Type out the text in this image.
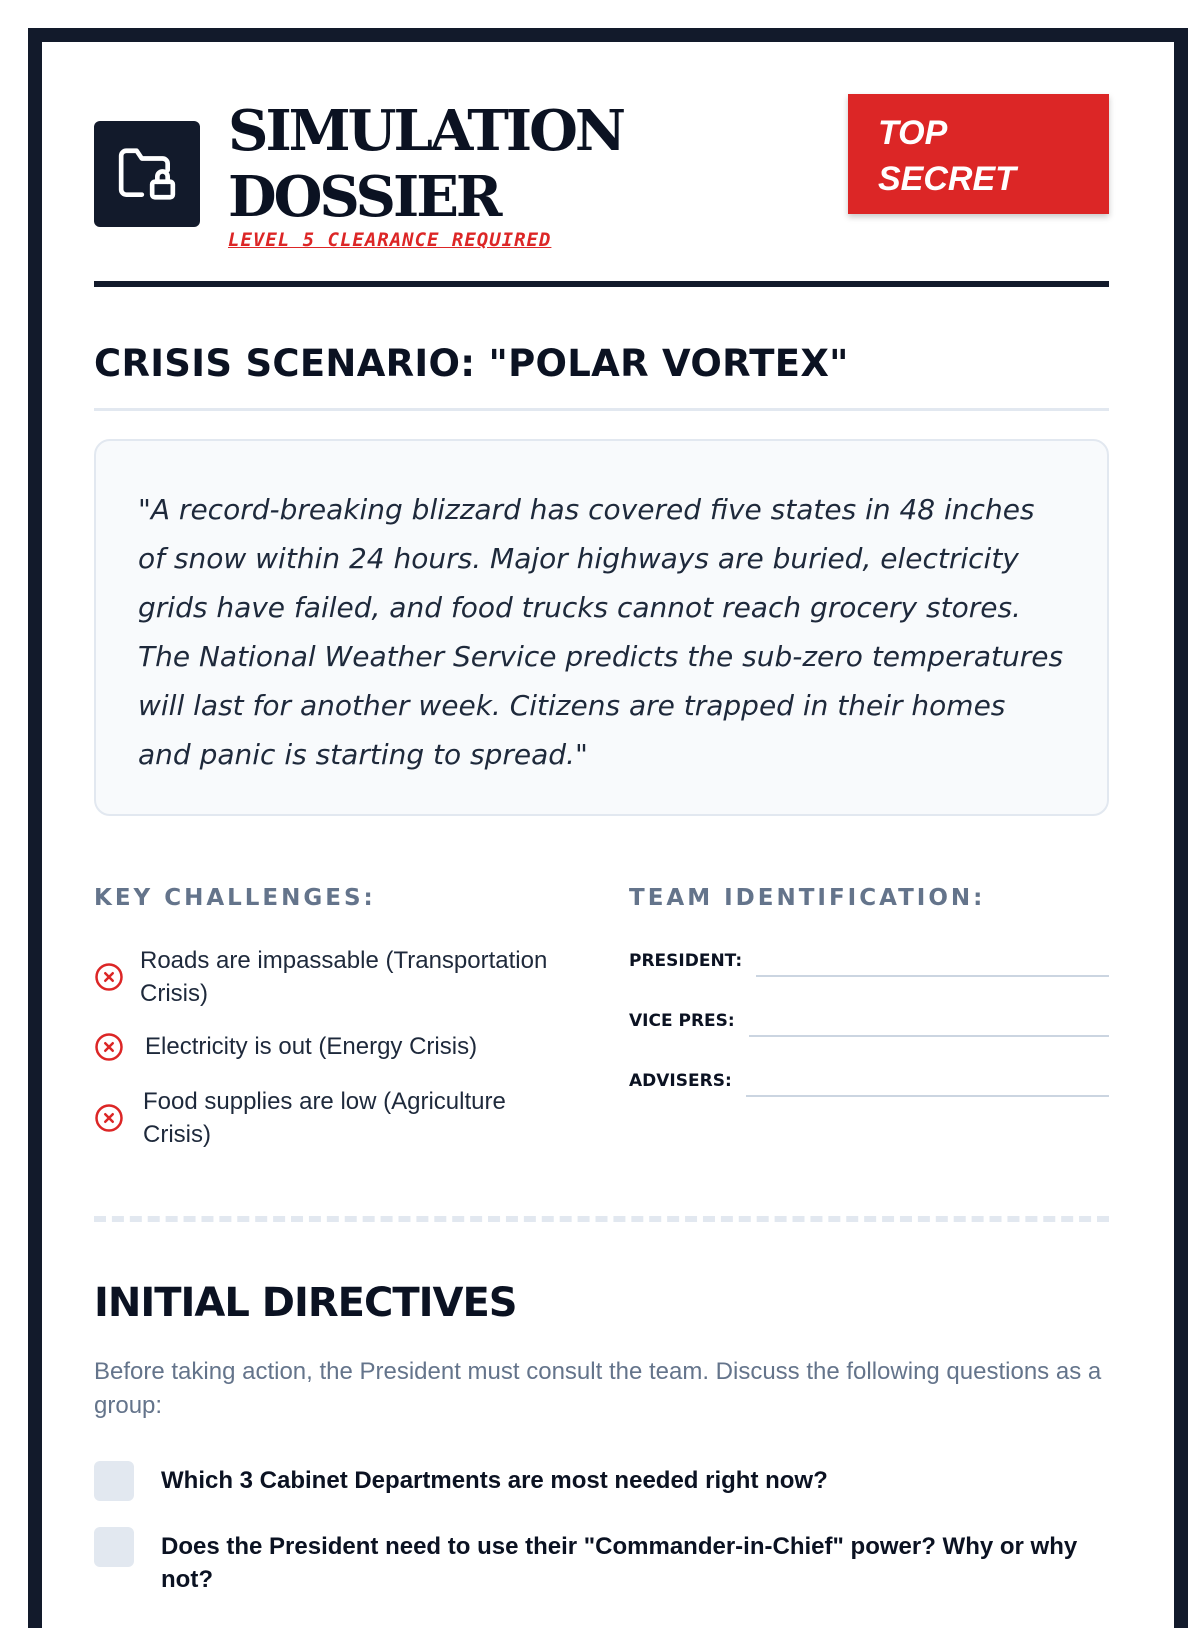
SIMULATION
DOSSIER
LEVEL 5 CLEARANCE REQUIRED
TOP
SECRET
CRISIS SCENARIO: "POLAR VORTEX"
"A record-breaking blizzard has covered five states in 48 inches of snow within 24 hours. Major highways are buried, electricity grids have failed, and food trucks cannot reach grocery stores. The National Weather Service predicts the sub-zero temperatures will last for another week. Citizens are trapped in their homes and panic is starting to spread."
KEY CHALLENGES:
Roads are impassable (Transportation Crisis)
Electricity is out (Energy Crisis)
Food supplies are low (Agriculture Crisis)
TEAM IDENTIFICATION:
PRESIDENT:
VICE PRES:
ADVISERS:
INITIAL DIRECTIVES
Before taking action, the President must consult the team. Discuss the following questions as a group:
Which 3 Cabinet Departments are most needed right now?
Does the President need to use their "Commander-in-Chief" power? Why or why not?
